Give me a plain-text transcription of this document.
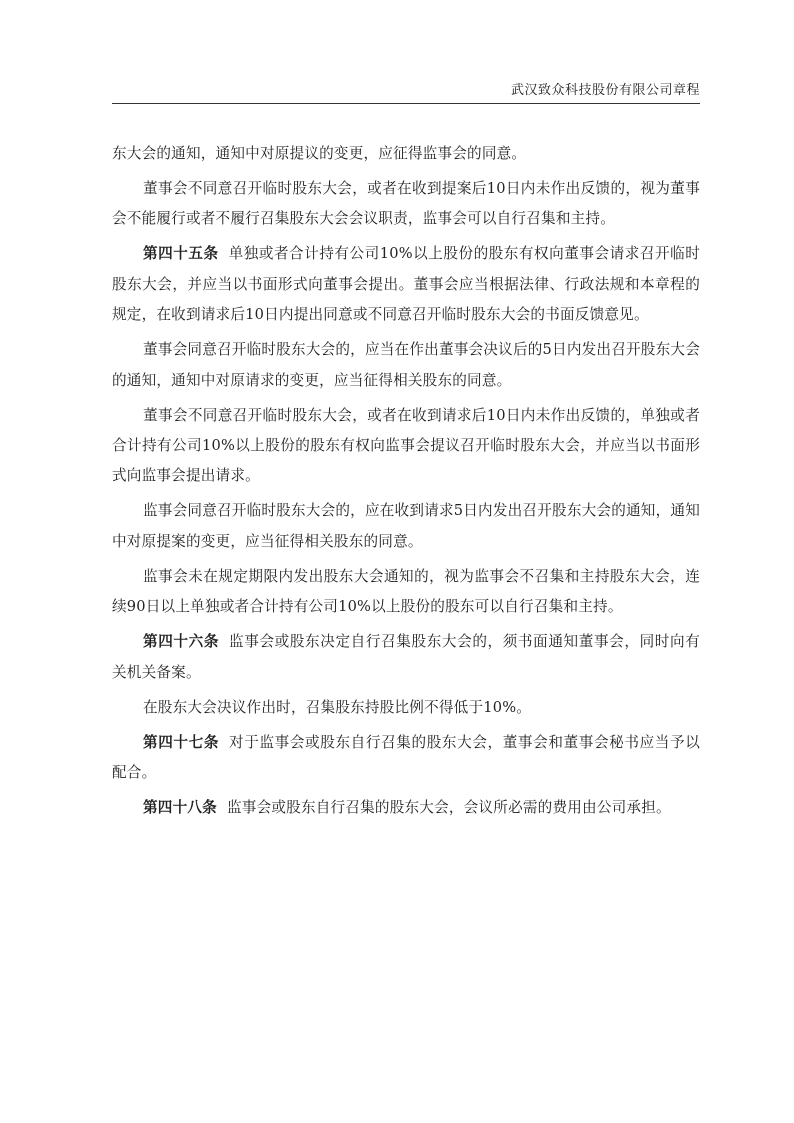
武汉致众科技股份有限公司章程

东大会的通知，通知中对原提议的变更，应征得监事会的同意。

董事会不同意召开临时股东大会，或者在收到提案后10日内未作出反馈的，视为董事会不能履行或者不履行召集股东大会会议职责，监事会可以自行召集和主持。

第四十五条 单独或者合计持有公司10%以上股份的股东有权向董事会请求召开临时股东大会，并应当以书面形式向董事会提出。董事会应当根据法律、行政法规和本章程的规定，在收到请求后10日内提出同意或不同意召开临时股东大会的书面反馈意见。

董事会同意召开临时股东大会的，应当在作出董事会决议后的5日内发出召开股东大会的通知，通知中对原请求的变更，应当征得相关股东的同意。

董事会不同意召开临时股东大会，或者在收到请求后10日内未作出反馈的，单独或者合计持有公司10%以上股份的股东有权向监事会提议召开临时股东大会，并应当以书面形式向监事会提出请求。

监事会同意召开临时股东大会的，应在收到请求5日内发出召开股东大会的通知，通知中对原提案的变更，应当征得相关股东的同意。

监事会未在规定期限内发出股东大会通知的，视为监事会不召集和主持股东大会，连续90日以上单独或者合计持有公司10%以上股份的股东可以自行召集和主持。

第四十六条 监事会或股东决定自行召集股东大会的，须书面通知董事会，同时向有关机关备案。

在股东大会决议作出时，召集股东持股比例不得低于10%。

第四十七条 对于监事会或股东自行召集的股东大会，董事会和董事会秘书应当予以配合。

第四十八条 监事会或股东自行召集的股东大会，会议所必需的费用由公司承担。
